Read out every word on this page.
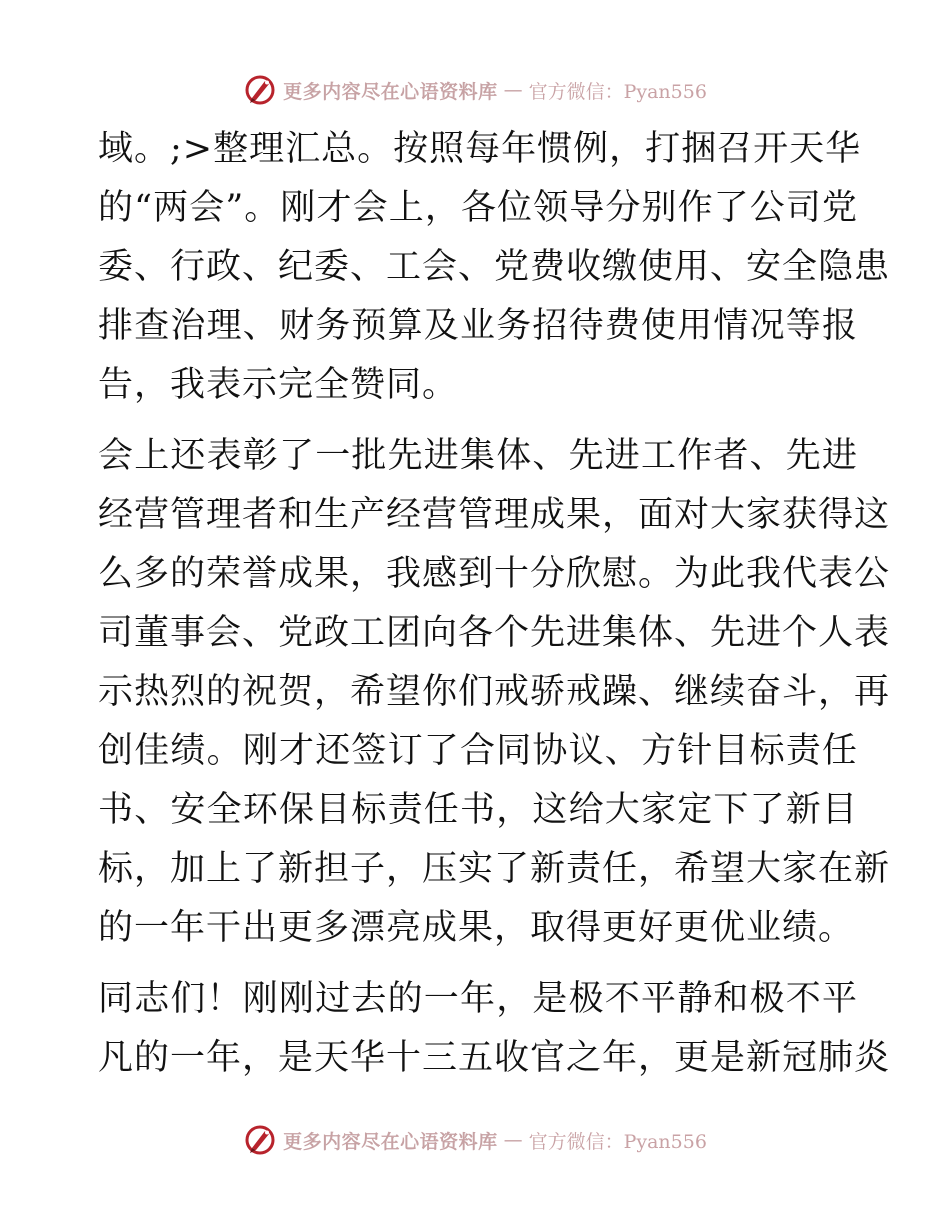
更多内容尽在心语资料库 — 官方微信：Pyan556

域。;>整理汇总。按照每年惯例，打捆召开天华
的“两会”。刚才会上，各位领导分别作了公司党
委、行政、纪委、工会、党费收缴使用、安全隐患
排查治理、财务预算及业务招待费使用情况等报
告，我表示完全赞同。

会上还表彰了一批先进集体、先进工作者、先进
经营管理者和生产经营管理成果，面对大家获得这
么多的荣誉成果，我感到十分欣慰。为此我代表公
司董事会、党政工团向各个先进集体、先进个人表
示热烈的祝贺，希望你们戒骄戒躁、继续奋斗，再
创佳绩。刚才还签订了合同协议、方针目标责任
书、安全环保目标责任书，这给大家定下了新目
标，加上了新担子，压实了新责任，希望大家在新
的一年干出更多漂亮成果，取得更好更优业绩。

同志们！刚刚过去的一年，是极不平静和极不平
凡的一年，是天华十三五收官之年，更是新冠肺炎

更多内容尽在心语资料库 — 官方微信：Pyan556
